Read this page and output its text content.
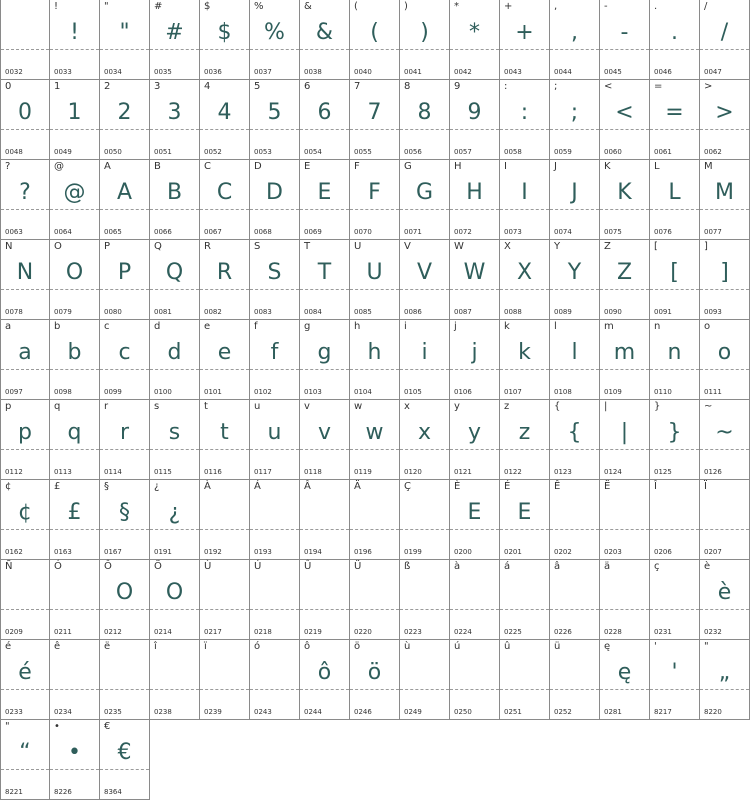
0032
!
!
0033
"
"
0034
#
#
0035
$
$
0036
%
%
0037
&
&
0038
(
(
0040
)
)
0041
*
*
0042
+
+
0043
,
,
0044
-
-
0045
.
.
0046
/
/
0047
0
0
0048
1
1
0049
2
2
0050
3
3
0051
4
4
0052
5
5
0053
6
6
0054
7
7
0055
8
8
0056
9
9
0057
:
:
0058
;
;
0059
<
<
0060
=
=
0061
>
>
0062
?
?
0063
@
@
0064
A
A
0065
B
B
0066
C
C
0067
D
D
0068
E
E
0069
F
F
0070
G
G
0071
H
H
0072
I
I
0073
J
J
0074
K
K
0075
L
L
0076
M
M
0077
N
N
0078
O
O
0079
P
P
0080
Q
Q
0081
R
R
0082
S
S
0083
T
T
0084
U
U
0085
V
V
0086
W
W
0087
X
X
0088
Y
Y
0089
Z
Z
0090
[
[
0091
]
]
0093
a
a
0097
b
b
0098
c
c
0099
d
d
0100
e
e
0101
f
f
0102
g
g
0103
h
h
0104
i
i
0105
j
j
0106
k
k
0107
l
l
0108
m
m
0109
n
n
0110
o
o
0111
p
p
0112
q
q
0113
r
r
0114
s
s
0115
t
t
0116
u
u
0117
v
v
0118
w
w
0119
x
x
0120
y
y
0121
z
z
0122
{
{
0123
|
|
0124
}
}
0125
~
~
0126
¢
¢
0162
£
£
0163
§
§
0167
¿
¿
0191
À
0192
Á
0193
Â
0194
Ä
0196
Ç
0199
È
E
0200
É
E
0201
Ê
0202
Ë
0203
Î
0206
Ï
0207
Ñ
0209
Ó
0211
Ô
O
0212
Ö
O
0214
Ù
0217
Ú
0218
Û
0219
Ü
0220
ß
0223
à
0224
á
0225
â
0226
ä
0228
ç
0231
è
è
0232
é
é
0233
ê
0234
ë
0235
î
0238
ï
0239
ó
0243
ô
ô
0244
ö
ö
0246
ù
0249
ú
0250
û
0251
ü
0252
ę
ę
0281
'
'
8217
"
„
8220
"
“
8221
•
•
8226
€
€
8364
